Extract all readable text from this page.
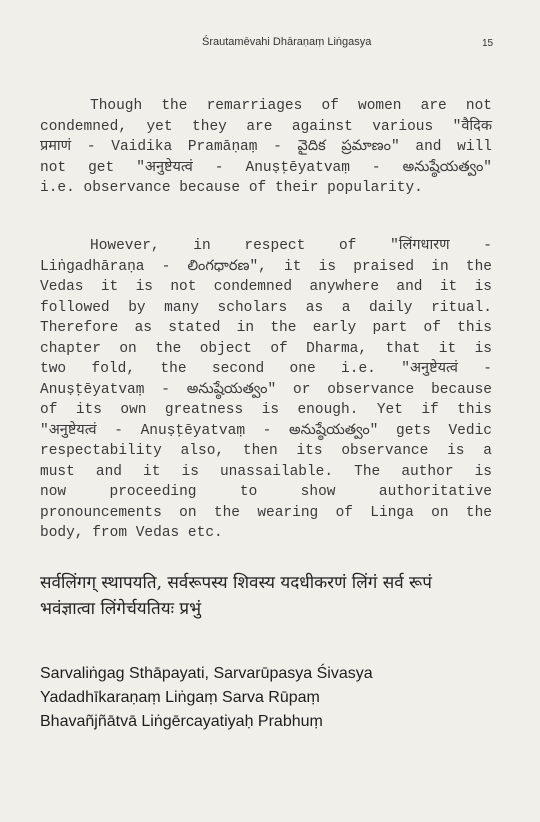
Śrautamēvahi Dhāraṇaṃ Liṅgasya	15
Though the remarriages of women are not
condemned, yet they are against various "वैदिक
प्रमाणं - Vaidika Pramāṇaṃ - వైదిక ప్రమాణం" and will
not get "अनुष्टेयत्वं - Anuṣṭēyatvaṃ - అనుష్ఠేయత్వం"
i.e. observance because of their popularity.
However, in respect of "लिंगधारण -
Liṅgadhāraṇa - లింగధారణ", it is praised in the
Vedas it is not condemned anywhere and it is
followed by many scholars as a daily ritual.
Therefore as stated in the early part of this
chapter on the object of Dharma, that it is
two fold, the second one i.e. "अनुष्टेयत्वं -
Anuṣṭēyatvaṃ - అనుష్ఠేయత్వం" or observance because
of its own greatness is enough. Yet if this
"अनुष्टेयत्वं - Anuṣṭēyatvaṃ - అనుష్ఠేయత్వం" gets Vedic
respectability also, then its observance is a
must and it is unassailable. The author is
now proceeding to show authoritative
pronouncements on the wearing of Linga on the
body, from Vedas etc.
सर्वलिंगग् स्थापयति, सर्वरूपस्य शिवस्य यदधीकरणं लिंगं सर्व रूपं
भवंज्ञात्वा लिंगेर्चयतियः प्रभुं
Sarvaliṅgag Sthāpayati, Sarvarūpasya Śivasya
Yadadhīkaraṇaṃ Liṅgaṃ Sarva Rūpaṃ
Bhavañjñātvā Liṅgērcayatiyaḥ Prabhuṃ
